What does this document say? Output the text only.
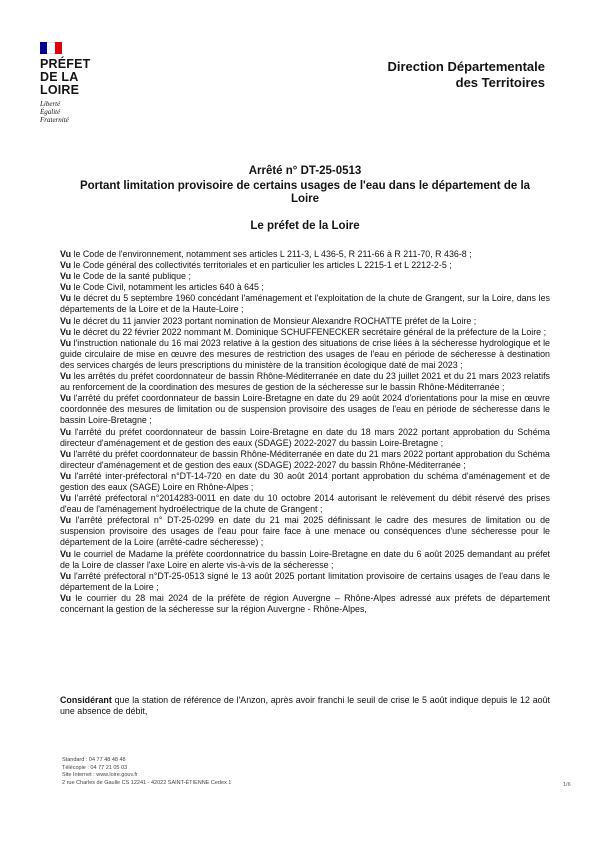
PRÉFET
DE LA LOIRE
Liberté
Égalité
Fraternité
Direction Départementale
des Territoires
Arrêté n° DT-25-0513
Portant limitation provisoire de certains usages de l'eau dans le département de la Loire
Le préfet de la Loire

Vu le Code de l'environnement, notamment ses articles L 211-3, L 436-5, R 211-66 à R 211-70, R 436-8 ;

Vu le Code général des collectivités territoriales et en particulier les articles L 2215-1 et L 2212-2-5 ;

Vu le Code de la santé publique ;

Vu le Code Civil, notamment les articles 640 à 645 ;

Vu le décret du 5 septembre 1960 concédant l'aménagement et l'exploitation de la chute de Grangent, sur la Loire, dans les départements de la Loire et de la Haute-Loire ;

Vu le décret du 11 janvier 2023 portant nomination de Monsieur Alexandre ROCHATTE préfet de la Loire ;

Vu le décret du 22 février 2022 nommant M. Dominique SCHUFFENECKER secrétaire général de la préfecture de la Loire ;

Vu l'instruction nationale du 16 mai 2023 relative à la gestion des situations de crise liées à la sécheresse hydrologique et le guide circulaire de mise en œuvre des mesures de restriction des usages de l'eau en période de sécheresse à destination des services chargés de leurs prescriptions du ministère de la transition écologique daté de mai 2023 ;

Vu les arrêtés du préfet coordonnateur de bassin Rhône-Méditerranée en date du 23 juillet 2021 et du 21 mars 2023 relatifs au renforcement de la coordination des mesures de gestion de la sécheresse sur le bassin Rhône-Méditerranée ;

Vu l'arrêté du préfet coordonnateur de bassin Loire-Bretagne en date du 29 août 2024 d'orientations pour la mise en œuvre coordonnée des mesures de limitation ou de suspension provisoire des usages de l'eau en période de sécheresse dans le bassin Loire-Bretagne ;

Vu l'arrêté du préfet coordonnateur de bassin Loire-Bretagne en date du 18 mars 2022 portant approbation du Schéma directeur d'aménagement et de gestion des eaux (SDAGE) 2022-2027 du bassin Loire-Bretagne ;

Vu l'arrêté du préfet coordonnateur de bassin Rhône-Méditerranée en date du 21 mars 2022 portant approbation du Schéma directeur d'aménagement et de gestion des eaux (SDAGE) 2022-2027 du bassin Rhône-Méditerranée ;

Vu l'arrêté inter-préfectoral n°DT-14-720 en date du 30 août 2014 portant approbation du schéma d'aménagement et de gestion des eaux (SAGE) Loire en Rhône-Alpes ;

Vu l'arrêté préfectoral n°2014283-0011 en date du 10 octobre 2014 autorisant le relèvement du débit réservé des prises d'eau de l'aménagement hydroélectrique de la chute de Grangent ;

Vu l'arrêté préfectoral n° DT-25-0299 en date du 21 mai 2025 définissant le cadre des mesures de limitation ou de suspension provisoire des usages de l'eau pour faire face à une menace ou conséquences d'une sécheresse pour le département de la Loire (arrêté-cadre sécheresse) ;

Vu le courriel de Madame la préfète coordonnatrice du bassin Loire-Bretagne en date du 6 août 2025 demandant au préfet de la Loire de classer l'axe Loire en alerte vis-à-vis de la sécheresse ;

Vu l'arrêté préfectoral n°DT-25-0513 signé le 13 août 2025 portant limitation provisoire de certains usages de l'eau dans le département de la Loire ;

Vu le courrier du 28 mai 2024 de la préfète de région Auvergne – Rhône-Alpes adressé aux préfets de département concernant la gestion de la sécheresse sur la région Auvergne - Rhône-Alpes,

Considérant que la station de référence de l'Anzon, après avoir franchi le seuil de crise le 5 août indique depuis le 12 août une absence de débit,
Standard : 04 77 48 48 48
Télécopie : 04 77 21 05 03
Site Internet : www.loire.gouv.fr
2 rue Charles de Gaulle CS 12241 - 42022 SAINT-ÉTIENNE Cedex 1	1/6
